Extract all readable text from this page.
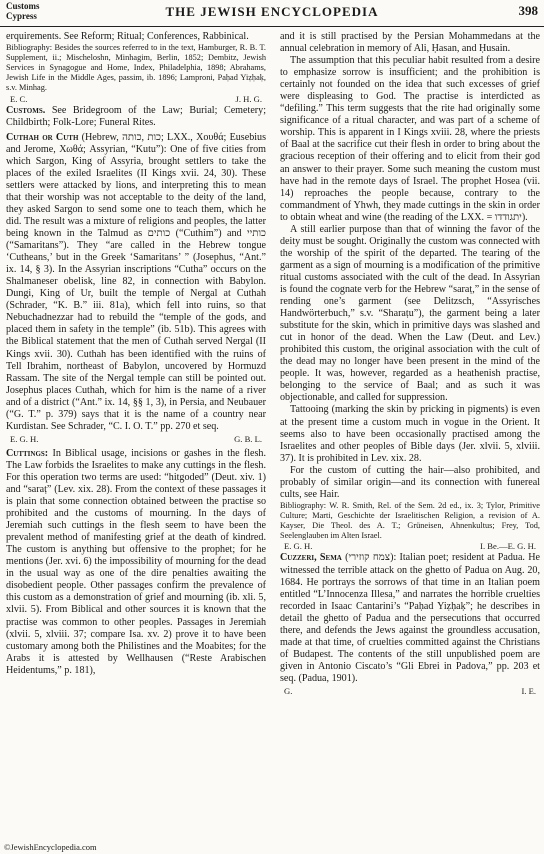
Customs
Cypress	THE JEWISH ENCYCLOPEDIA	398

erquirements. See Reform; Ritual; Conferences, Rabbinical.

Bibliography: Besides the sources referred to in the text, Hamburger, R. B. T. Supplement, ii.; Mischeloshn, Minhagim, Berlin, 1852; Dembitz, Jewish Services in Synagogue and Home, Index, Philadelphia, 1898; Abrahams, Jewish Life in the Middle Ages, passim, ib. 1896; Lamproni, Paḥad Yiẓḥaḳ, s.v. Minhag.

E. C.	J. H. G.

Customs. See Bridegroom of the Law; Burial; Cemetery; Childbirth; Folk-Lore; Funeral Rites.

Cuthah or Cuth (Hebrew, כות ,כותה; LXX., Χουθά; Eusebius and Jerome, Χωθά; Assyrian, “Kutu”): One of five cities from which Sargon, King of Assyria, brought settlers to take the places of the exiled Israelites (II Kings xvii. 24, 30). These settlers were attacked by lions, and interpreting this to mean that their worship was not acceptable to the deity of the land, they asked Sargon to send some one to teach them, which he did. The result was a mixture of religions and peoples, the latter being known in the Talmud as כותים (“Cuthim”) and כותיי (“Samaritans”). They “are called in the Hebrew tongue ‘Cutheans,’ but in the Greek ‘Samaritans’ ” (Josephus, “Ant.” ix. 14, § 3). In the Assyrian inscriptions “Cutha” occurs on the Shalmaneser obelisk, line 82, in connection with Babylon. Dungi, King of Ur, built the temple of Nergal at Cuthah (Schrader, “K. B.” iii. 81a), which fell into ruins, so that Nebuchadnezzar had to rebuild the “temple of the gods, and placed them in safety in the temple” (ib. 51b). This agrees with the Biblical statement that the men of Cuthah served Nergal (II Kings xvii. 30). Cuthah has been identified with the ruins of Tell Ibrahim, northeast of Babylon, uncovered by Hormuzd Rassam. The site of the Nergal temple can still be pointed out. Josephus places Cuthah, which for him is the name of a river and of a district (“Ant.” ix. 14, §§ 1, 3), in Persia, and Neubauer (“G. T.” p. 379) says that it is the name of a country near Kurdistan. See Schrader, “C. I. O. T.” pp. 270 et seq.

E. G. H.	G. B. L.

Cuttings: In Biblical usage, incisions or gashes in the flesh. The Law forbids the Israelites to make any cuttings in the flesh. For this operation two terms are used: “hitgoded” (Deut. xiv. 1) and “saraṭ” (Lev. xix. 28). From the context of these passages it is plain that some connection obtained between the practise so prohibited and the customs of mourning. In the days of Jeremiah such cuttings in the flesh seem to have been the prevalent method of manifesting grief at the death of kindred. The custom is anything but offensive to the prophet; for he mentions (Jer. xvi. 6) the impossibility of mourning for the dead in the usual way as one of the dire penalties awaiting the disobedient people. Other passages confirm the prevalence of this custom as a demonstration of grief and mourning (ib. xli. 5, xlvii. 5). From Biblical and other sources it is known that the practise was common to other peoples. Passages in Jeremiah (xlvii. 5, xlviii. 37; compare Isa. xv. 2) prove it to have been customary among both the Philistines and the Moabites; for the Arabs it is attested by Wellhausen (“Reste Arabischen Heidentums,” p. 181),

and it is still practised by the Persian Mohammedans at the annual celebration in memory of Ali, Ḥasan, and Ḥusain.

The assumption that this peculiar habit resulted from a desire to emphasize sorrow is insufficient; and the prohibition is certainly not founded on the idea that such excesses of grief were displeasing to God. The practise is interdicted as “defiling.” This term suggests that the rite had originally some significance of a ritual character, and was part of a scheme of worship. This is apparent in I Kings xviii. 28, where the priests of Baal at the sacrifice cut their flesh in order to bring about the gracious reception of their offering and to elicit from their god an answer to their prayer. Some such meaning the custom must have had in the remote days of Israel. The prophet Hosea (vii. 14) reproaches the people because, contrary to the commandment of Yhwh, they made cuttings in the skin in order to obtain wheat and wine (the reading of the LXX. = יתגודדו).

A still earlier purpose than that of winning the favor of the deity must be sought. Originally the custom was connected with the worship of the spirit of the departed. The tearing of the garment as a sign of mourning is a modification of the primitive ritual customs associated with the cult of the dead. In Assyrian is found the cognate verb for the Hebrew “saraṭ,” in the sense of rending one’s garment (see Delitzsch, “Assyrisches Handwörterbuch,” s.v. “Sharaṭu”), the garment being a later substitute for the skin, which in primitive days was slashed and cut in honor of the dead. When the Law (Deut. and Lev.) prohibited this custom, the original association with the cult of the dead may no longer have been present in the mind of the people. It was, however, regarded as a heathenish practise, belonging to the service of Baal; and as such it was objectionable, and called for suppression.

Tattooing (marking the skin by pricking in pigments) is even at the present time a custom much in vogue in the Orient. It seems also to have been occasionally practised among the Israelites and other peoples of Bible days (Jer. xlvii. 5, xlviii. 37). It is prohibited in Lev. xix. 28.

For the custom of cutting the hair—also prohibited, and probably of similar origin—and its connection with funereal cults, see Hair.

Bibliography: W. R. Smith, Rel. of the Sem. 2d ed., ix. 3; Tylor, Primitive Culture; Marti, Geschichte der Israelitischen Religion, a revision of A. Kayser, Die Theol. des A. T.; Grüneisen, Ahnenkultus; Frey, Tod, Seelenglauben im Alten Israel.

E. G. H.	I. Be.—E. G. H.

Cuzzeri, Sema (צמח קוזירי): Italian poet; resident at Padua. He witnessed the terrible attack on the ghetto of Padua on Aug. 20, 1684. He portrays the sorrows of that time in an Italian poem entitled “L’Innocenza Illesa,” and narrates the horrible cruelties recorded in Isaac Cantarini’s “Paḥad Yiẓḥaḳ”; he describes in detail the ghetto of Padua and the persecutions that occurred there, and defends the Jews against the groundless accusation, made at that time, of cruelties committed against the Christians of Budapest. The contents of the still unpublished poem are given in Antonio Ciscato’s “Gli Ebrei in Padova,” pp. 203 et seq. (Padua, 1901).

G.	I. E.
©JewishEncyclopedia.com
